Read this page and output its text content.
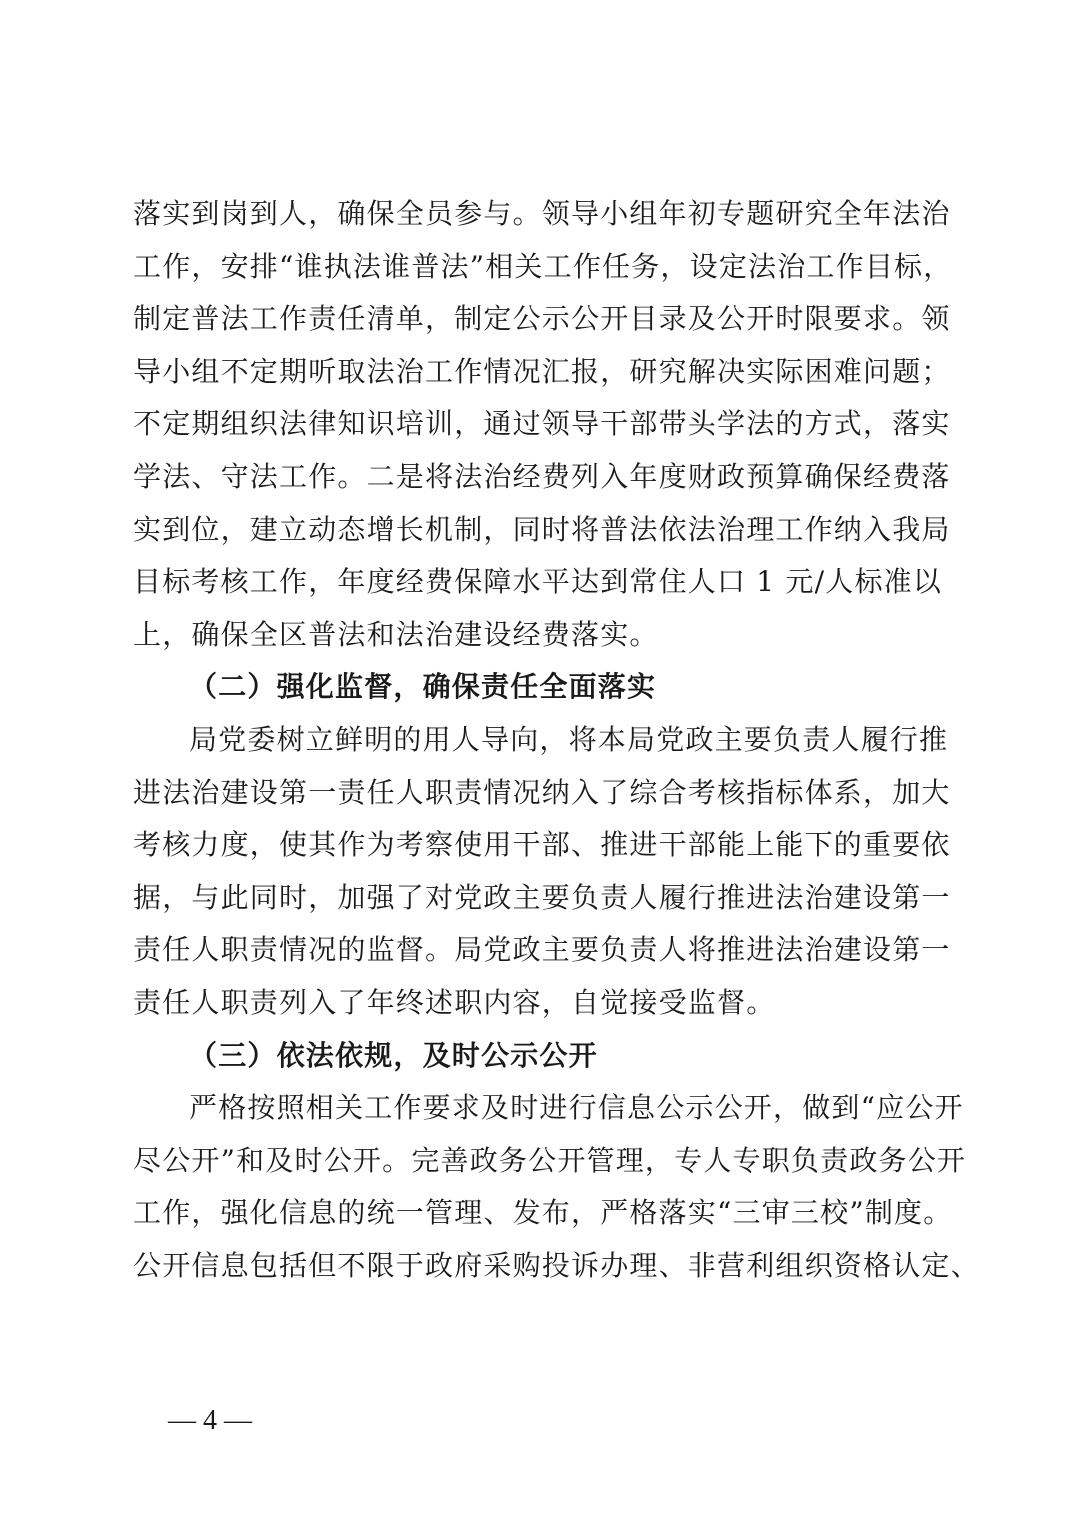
落实到岗到人，确保全员参与。领导小组年初专题研究全年法治
工作，安排“谁执法谁普法”相关工作任务，设定法治工作目标，
制定普法工作责任清单，制定公示公开目录及公开时限要求。领
导小组不定期听取法治工作情况汇报，研究解决实际困难问题；
不定期组织法律知识培训，通过领导干部带头学法的方式，落实
学法、守法工作。二是将法治经费列入年度财政预算确保经费落
实到位，建立动态增长机制，同时将普法依法治理工作纳入我局
目标考核工作，年度经费保障水平达到常住人口 1 元/人标准以
上，确保全区普法和法治建设经费落实。
（二）强化监督，确保责任全面落实
局党委树立鲜明的用人导向，将本局党政主要负责人履行推
进法治建设第一责任人职责情况纳入了综合考核指标体系，加大
考核力度，使其作为考察使用干部、推进干部能上能下的重要依
据，与此同时，加强了对党政主要负责人履行推进法治建设第一
责任人职责情况的监督。局党政主要负责人将推进法治建设第一
责任人职责列入了年终述职内容，自觉接受监督。
（三）依法依规，及时公示公开
严格按照相关工作要求及时进行信息公示公开，做到“应公开
尽公开”和及时公开。完善政务公开管理，专人专职负责政务公开
工作，强化信息的统一管理、发布，严格落实“三审三校”制度。
公开信息包括但不限于政府采购投诉办理、非营利组织资格认定、
— 4 —
